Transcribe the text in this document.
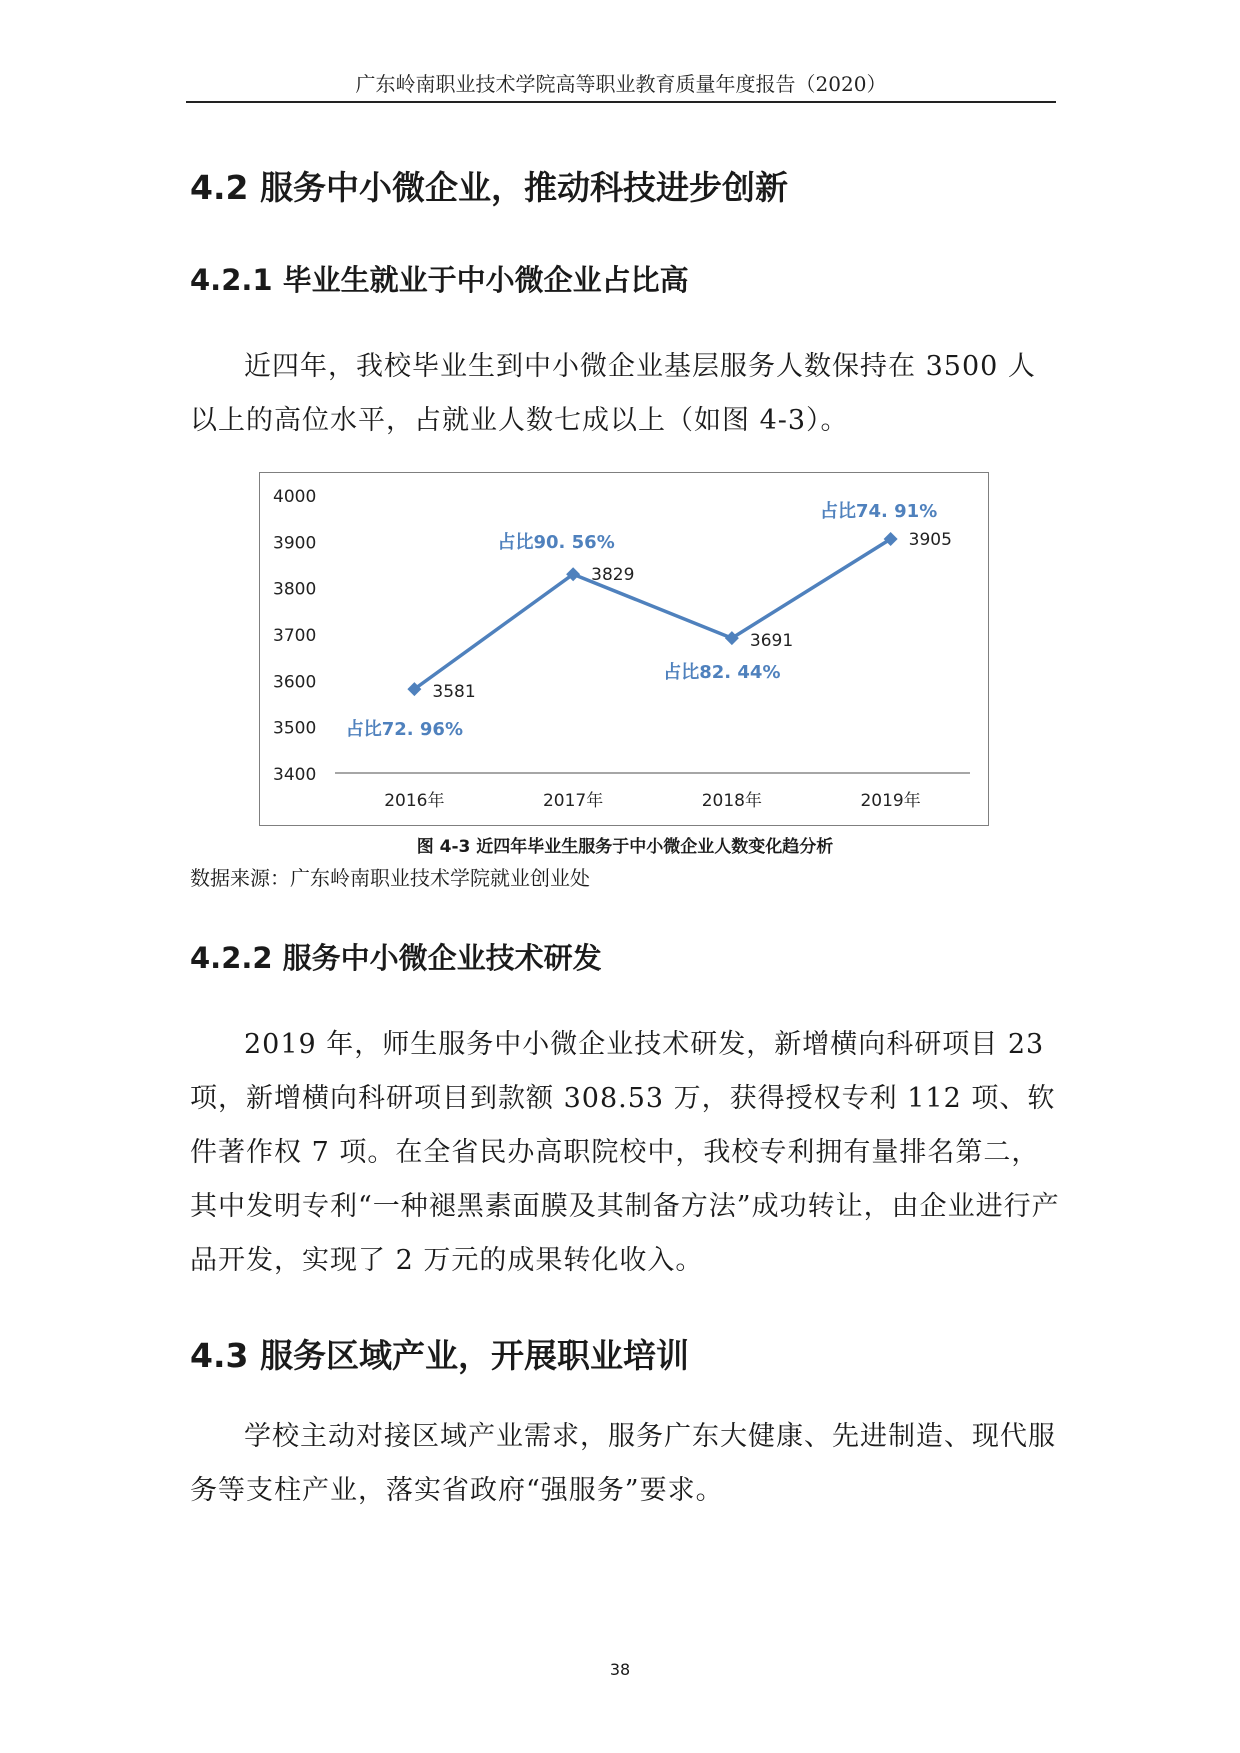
广东岭南职业技术学院高等职业教育质量年度报告（2020）
4.2 服务中小微企业，推动科技进步创新
4.2.1 毕业生就业于中小微企业占比高
近四年，我校毕业生到中小微企业基层服务人数保持在 3500 人以上的高位水平，占就业人数七成以上（如图 4-3）。
3400
3500
3600
3700
3800
3900
4000
2016年	2017年	2018年	2019年
3581
3829
3691
3905
占比72. 96%
占比90. 56%
占比82. 44%
占比74. 91%
图 4-3 近四年毕业生服务于中小微企业人数变化趋分析
数据来源：广东岭南职业技术学院就业创业处
4.2.2 服务中小微企业技术研发
2019 年，师生服务中小微企业技术研发，新增横向科研项目 23 项，新增横向科研项目到款额 308.53 万，获得授权专利 112 项、软件著作权 7 项。在全省民办高职院校中，我校专利拥有量排名第二，其中发明专利“一种褪黑素面膜及其制备方法”成功转让，由企业进行产品开发，实现了 2 万元的成果转化收入。
4.3 服务区域产业，开展职业培训
学校主动对接区域产业需求，服务广东大健康、先进制造、现代服务等支柱产业，落实省政府“强服务”要求。
38
